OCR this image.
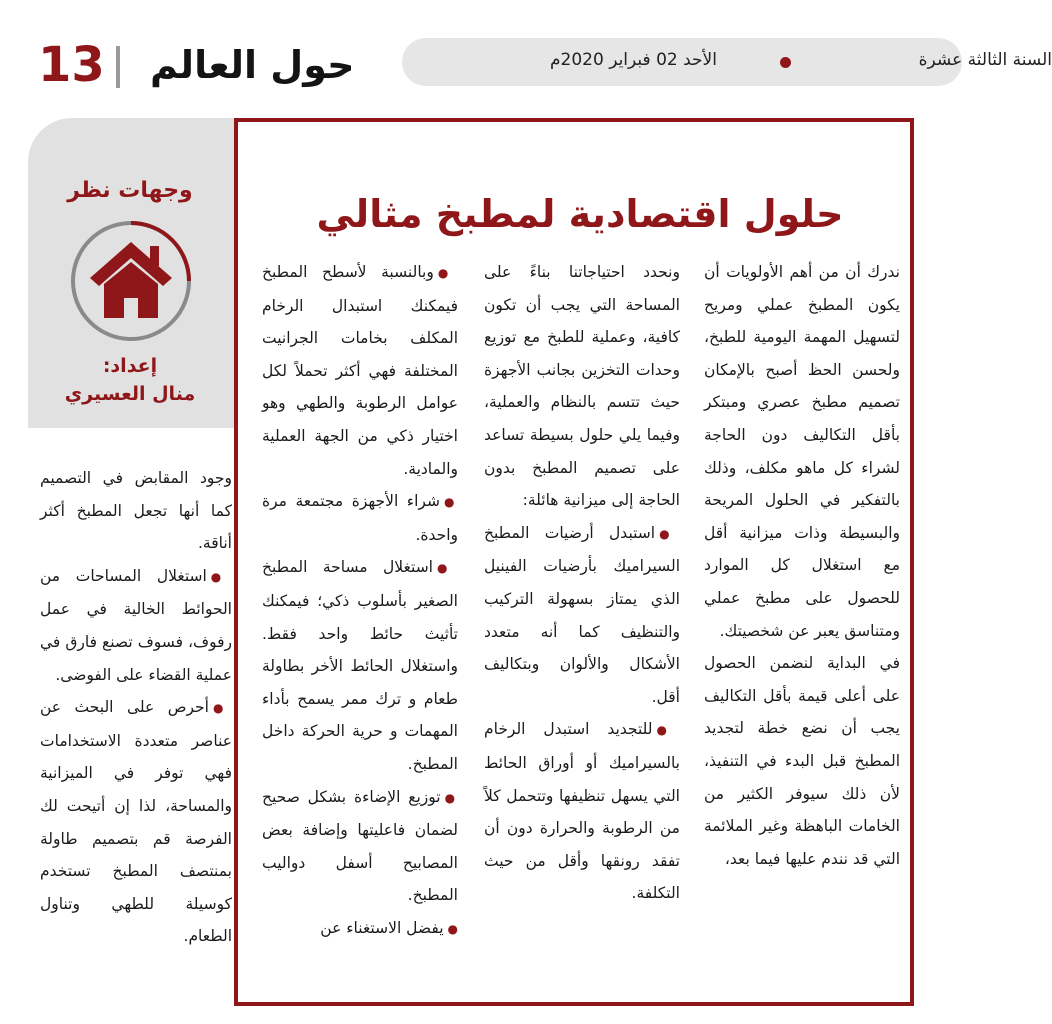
13 حول العالم	السنة الثالثة عشرة
الأحد 02 فبراير 2020م
وجهات نظر
إعداد:
منال العسيري
حلول اقتصادية لمطبخ مثالي

ندرك أن من أهم الأولويات أن يكون المطبخ عملي ومريح لتسهيل المهمة اليومية للطبخ، ولحسن الحظ أصبح بالإمكان تصميم مطبخ عصري ومبتكر بأقل التكاليف دون الحاجة لشراء كل ماهو مكلف، وذلك بالتفكير في الحلول المريحة والبسيطة وذات ميزانية أقل مع استغلال كل الموارد للحصول على مطبخ عملي ومتناسق يعبر عن شخصيتك.

في البداية لنضمن الحصول على أعلى قيمة بأقل التكاليف يجب أن نضع خطة لتجديد المطبخ قبل البدء في التنفيذ، لأن ذلك سيوفر الكثير من الخامات الباهظة وغير الملائمة التي قد نندم عليها فيما بعد،

ونحدد احتياجاتنا بناءً على المساحة التي يجب أن تكون كافية، وعملية للطبخ مع توزيع وحدات التخزين بجانب الأجهزة حيث تتسم بالنظام والعملية، وفيما يلي حلول بسيطة تساعد على تصميم المطبخ بدون الحاجة إلى ميزانية هائلة:

● استبدل أرضيات المطبخ السيراميك بأرضيات الفينيل الذي يمتاز بسهولة التركيب والتنظيف كما أنه متعدد الأشكال والألوان وبتكاليف أقل.

● للتجديد استبدل الرخام بالسيراميك أو أوراق الحائط التي يسهل تنظيفها وتتحمل كلاً من الرطوبة والحرارة دون أن تفقد رونقها وأقل من حيث التكلفة.

● وبالنسبة لأسطح المطبخ فيمكنك استبدال الرخام المكلف بخامات الجرانيت المختلفة فهي أكثر تحملاً لكل عوامل الرطوبة والطهي وهو اختيار ذكي من الجهة العملية والمادية.

● شراء الأجهزة مجتمعة مرة واحدة.

● استغلال مساحة المطبخ الصغير بأسلوب ذكي؛ فيمكنك تأثيث حائط واحد فقط. واستغلال الحائط الأخر بطاولة طعام و ترك ممر يسمح بأداء المهمات و حرية الحركة داخل المطبخ.

● توزيع الإضاءة بشكل صحيح لضمان فاعليتها وإضافة بعض المصابيح أسفل دواليب المطبخ.

● يفضل الاستغناء عن

وجود المقابض في التصميم كما أنها تجعل المطبخ أكثر أناقة.

● استغلال المساحات من الحوائط الخالية في عمل رفوف، فسوف تصنع فارق في عملية القضاء على الفوضى.

● أحرص على البحث عن عناصر متعددة الاستخدامات فهي توفر في الميزانية والمساحة، لذا إن أتيحت لك الفرصة قم بتصميم طاولة بمنتصف المطبخ تستخدم كوسيلة للطهي وتناول الطعام.
